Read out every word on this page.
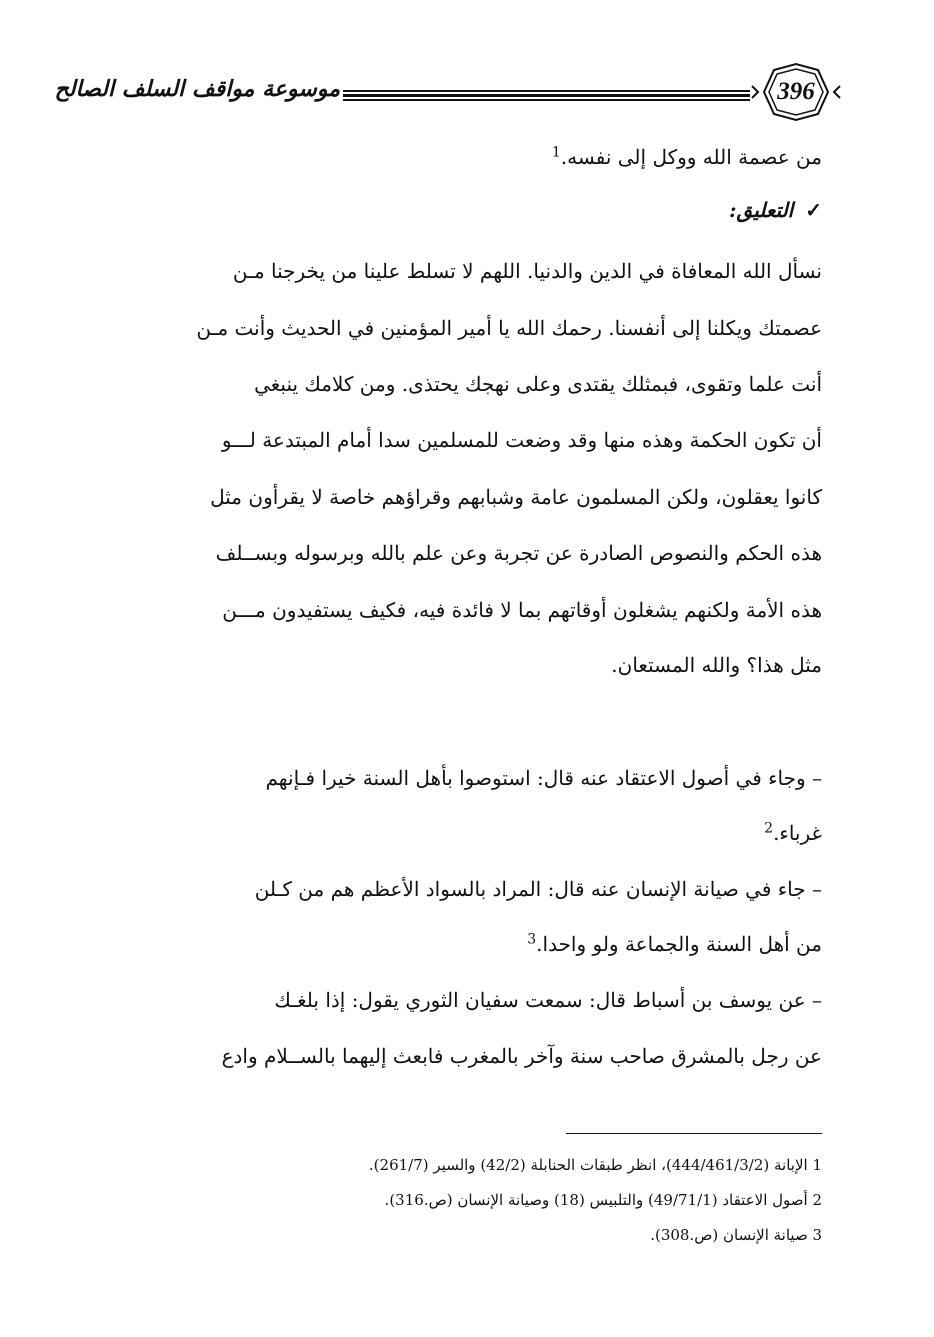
396
موسوعة مواقف السلف الصالح

من عصمة الله ووكل إلى نفسه.$^1$

✓التعليق:

نسأل الله المعافاة في الدين والدنيا. اللهم لا تسلط علينا من يخرجنا مـن

عصمتك ويكلنا إلى أنفسنا. رحمك الله يا أمير المؤمنين في الحديث وأنت مـن

أنت علما وتقوى، فبمثلك يقتدى وعلى نهجك يحتذى. ومن كلامك ينبغي

أن تكون الحكمة وهذه منها وقد وضعت للمسلمين سدا أمام المبتدعة لـــو

كانوا يعقلون، ولكن المسلمون عامة وشبابهم وقراؤهم خاصة لا يقرأون مثل

هذه الحكم والنصوص الصادرة عن تجربة وعن علم بالله وبرسوله وبســلف

هذه الأمة ولكنهم يشغلون أوقاتهم بما لا فائدة فيه، فكيف يستفيدون مـــن

مثل هذا؟ والله المستعان.

– وجاء في أصول الاعتقاد عنه قال: استوصوا بأهل السنة خيرا فـإنهم

غرباء.$^2$

– جاء في صيانة الإنسان عنه قال: المراد بالسواد الأعظم هم من كـلن

من أهل السنة والجماعة ولو واحدا.$^3$

– عن يوسف بن أسباط قال: سمعت سفيان الثوري يقول: إذا بلغـك

عن رجل بالمشرق صاحب سنة وآخر بالمغرب فابعث إليهما بالســلام وادع

1 الإبانة (444/461/3/2)، انظر طبقات الحنابلة (42/2) والسير (261/7).

2 أصول الاعتقاد (49/71/1) والتلبيس (18) وصيانة الإنسان (ص.316).

3 صيانة الإنسان (ص.308).
